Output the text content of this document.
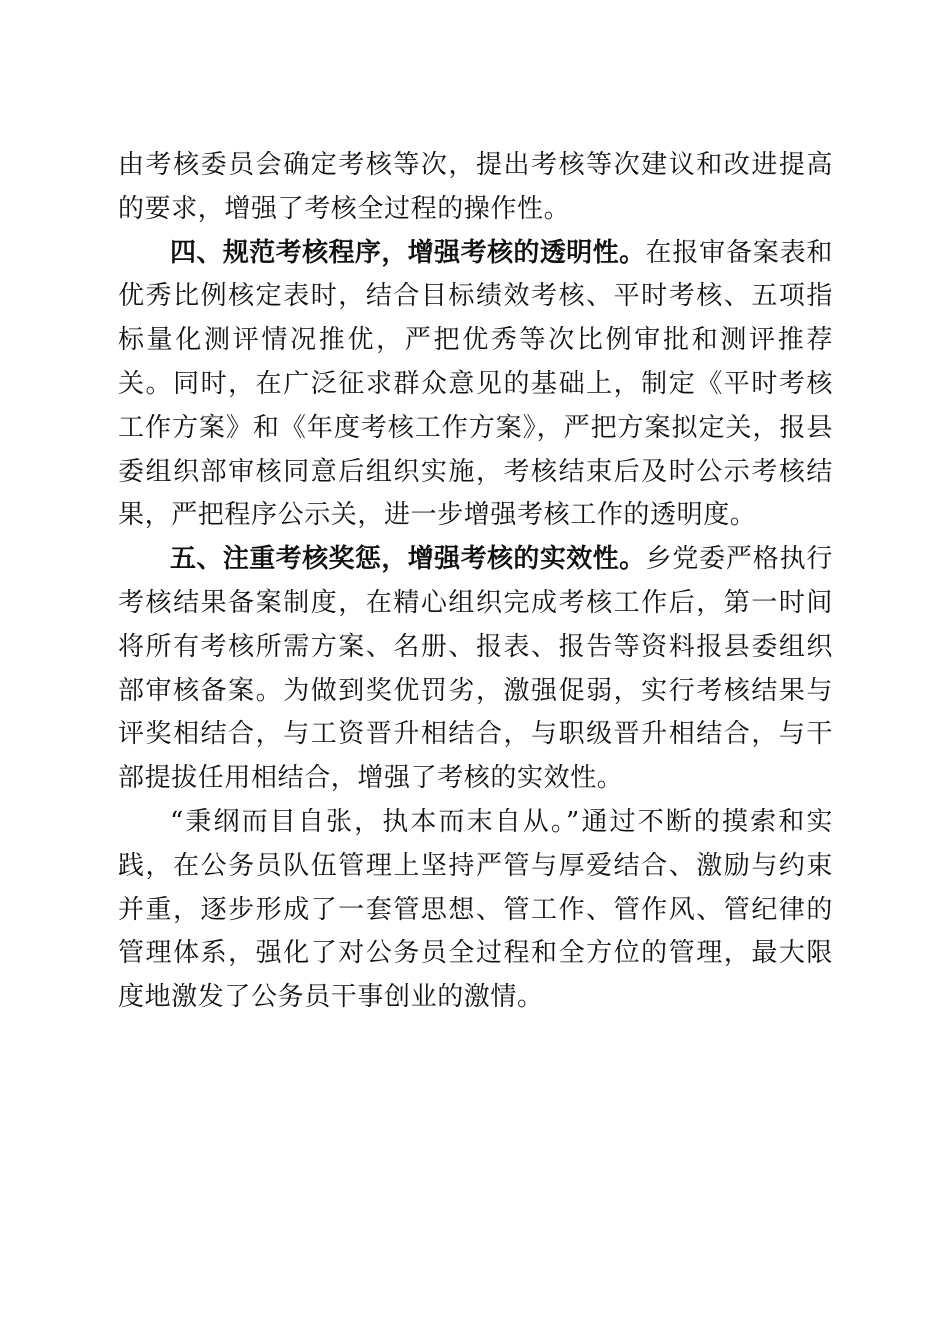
由考核委员会确定考核等次，提出考核等次建议和改进提高的要求，增强了考核全过程的操作性。

四、规范考核程序，增强考核的透明性。在报审备案表和优秀比例核定表时，结合目标绩效考核、平时考核、五项指标量化测评情况推优，严把优秀等次比例审批和测评推荐关。同时，在广泛征求群众意见的基础上，制定《平时考核工作方案》和《年度考核工作方案》，严把方案拟定关，报县委组织部审核同意后组织实施，考核结束后及时公示考核结果，严把程序公示关，进一步增强考核工作的透明度。

五、注重考核奖惩，增强考核的实效性。乡党委严格执行考核结果备案制度，在精心组织完成考核工作后，第一时间将所有考核所需方案、名册、报表、报告等资料报县委组织部审核备案。为做到奖优罚劣，激强促弱，实行考核结果与评奖相结合，与工资晋升相结合，与职级晋升相结合，与干部提拔任用相结合，增强了考核的实效性。

“秉纲而目自张，执本而末自从。”通过不断的摸索和实践，在公务员队伍管理上坚持严管与厚爱结合、激励与约束并重，逐步形成了一套管思想、管工作、管作风、管纪律的管理体系，强化了对公务员全过程和全方位的管理，最大限度地激发了公务员干事创业的激情。
